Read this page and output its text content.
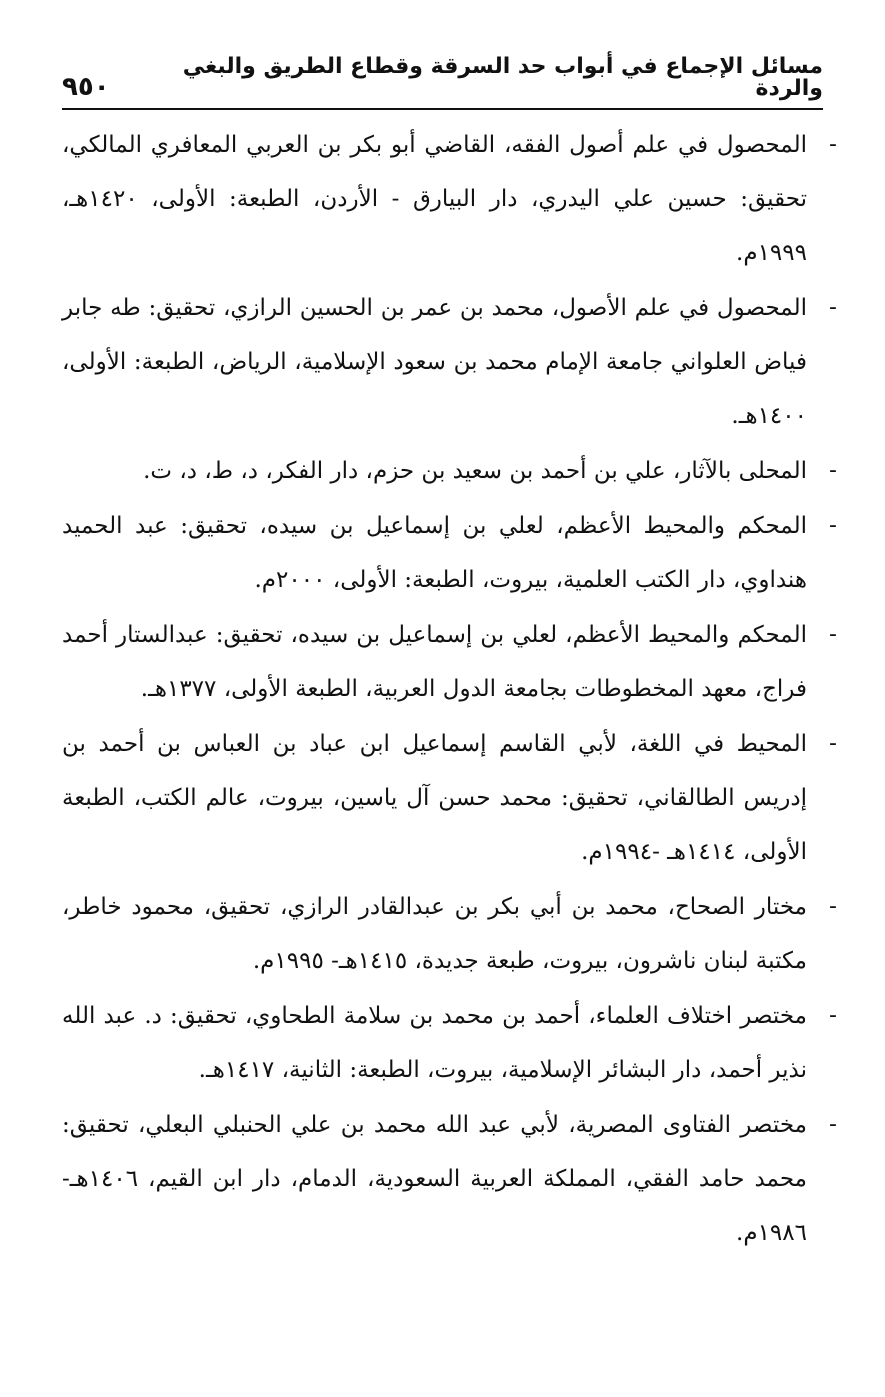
مسائل الإجماع في أبواب حد السرقة وقطاع الطريق والبغي والردة
٩٥٠
-
المحصول في علم أصول الفقه، القاضي أبو بكر بن العربي المعافري المالكي، تحقيق: حسين علي اليدري، دار البيارق - الأردن، الطبعة: الأولى، ١٤٢٠هـ، ١٩٩٩م.
-
المحصول في علم الأصول، محمد بن عمر بن الحسين الرازي، تحقيق: طه جابر فياض العلواني جامعة الإمام محمد بن سعود الإسلامية، الرياض، الطبعة: الأولى، ١٤٠٠هـ.
-
المحلى بالآثار، علي بن أحمد بن سعيد بن حزم، دار الفكر، د، ط، د، ت.
-
المحكم والمحيط الأعظم، لعلي بن إسماعيل بن سيده، تحقيق: عبد الحميد هنداوي، دار الكتب العلمية، بيروت، الطبعة: الأولى، ٢٠٠٠م.
-
المحكم والمحيط الأعظم، لعلي بن إسماعيل بن سيده، تحقيق: عبدالستار أحمد فراج، معهد المخطوطات بجامعة الدول العربية، الطبعة الأولى، ١٣٧٧هـ.
-
المحيط في اللغة، لأبي القاسم إسماعيل ابن عباد بن العباس بن أحمد بن إدريس الطالقاني، تحقيق: محمد حسن آل ياسين، بيروت، عالم الكتب، الطبعة الأولى، ١٤١٤هـ -١٩٩٤م.
-
مختار الصحاح، محمد بن أبي بكر بن عبدالقادر الرازي، تحقيق، محمود خاطر، مكتبة لبنان ناشرون، بيروت، طبعة جديدة، ١٤١٥هـ- ١٩٩٥م.
-
مختصر اختلاف العلماء، أحمد بن محمد بن سلامة الطحاوي، تحقيق: د. عبد الله نذير أحمد، دار البشائر الإسلامية، بيروت، الطبعة: الثانية، ١٤١٧هـ.
-
مختصر الفتاوى المصرية، لأبي عبد الله محمد بن علي الحنبلي البعلي، تحقيق: محمد حامد الفقي، المملكة العربية السعودية، الدمام، دار ابن القيم، ١٤٠٦هـ- ١٩٨٦م.
